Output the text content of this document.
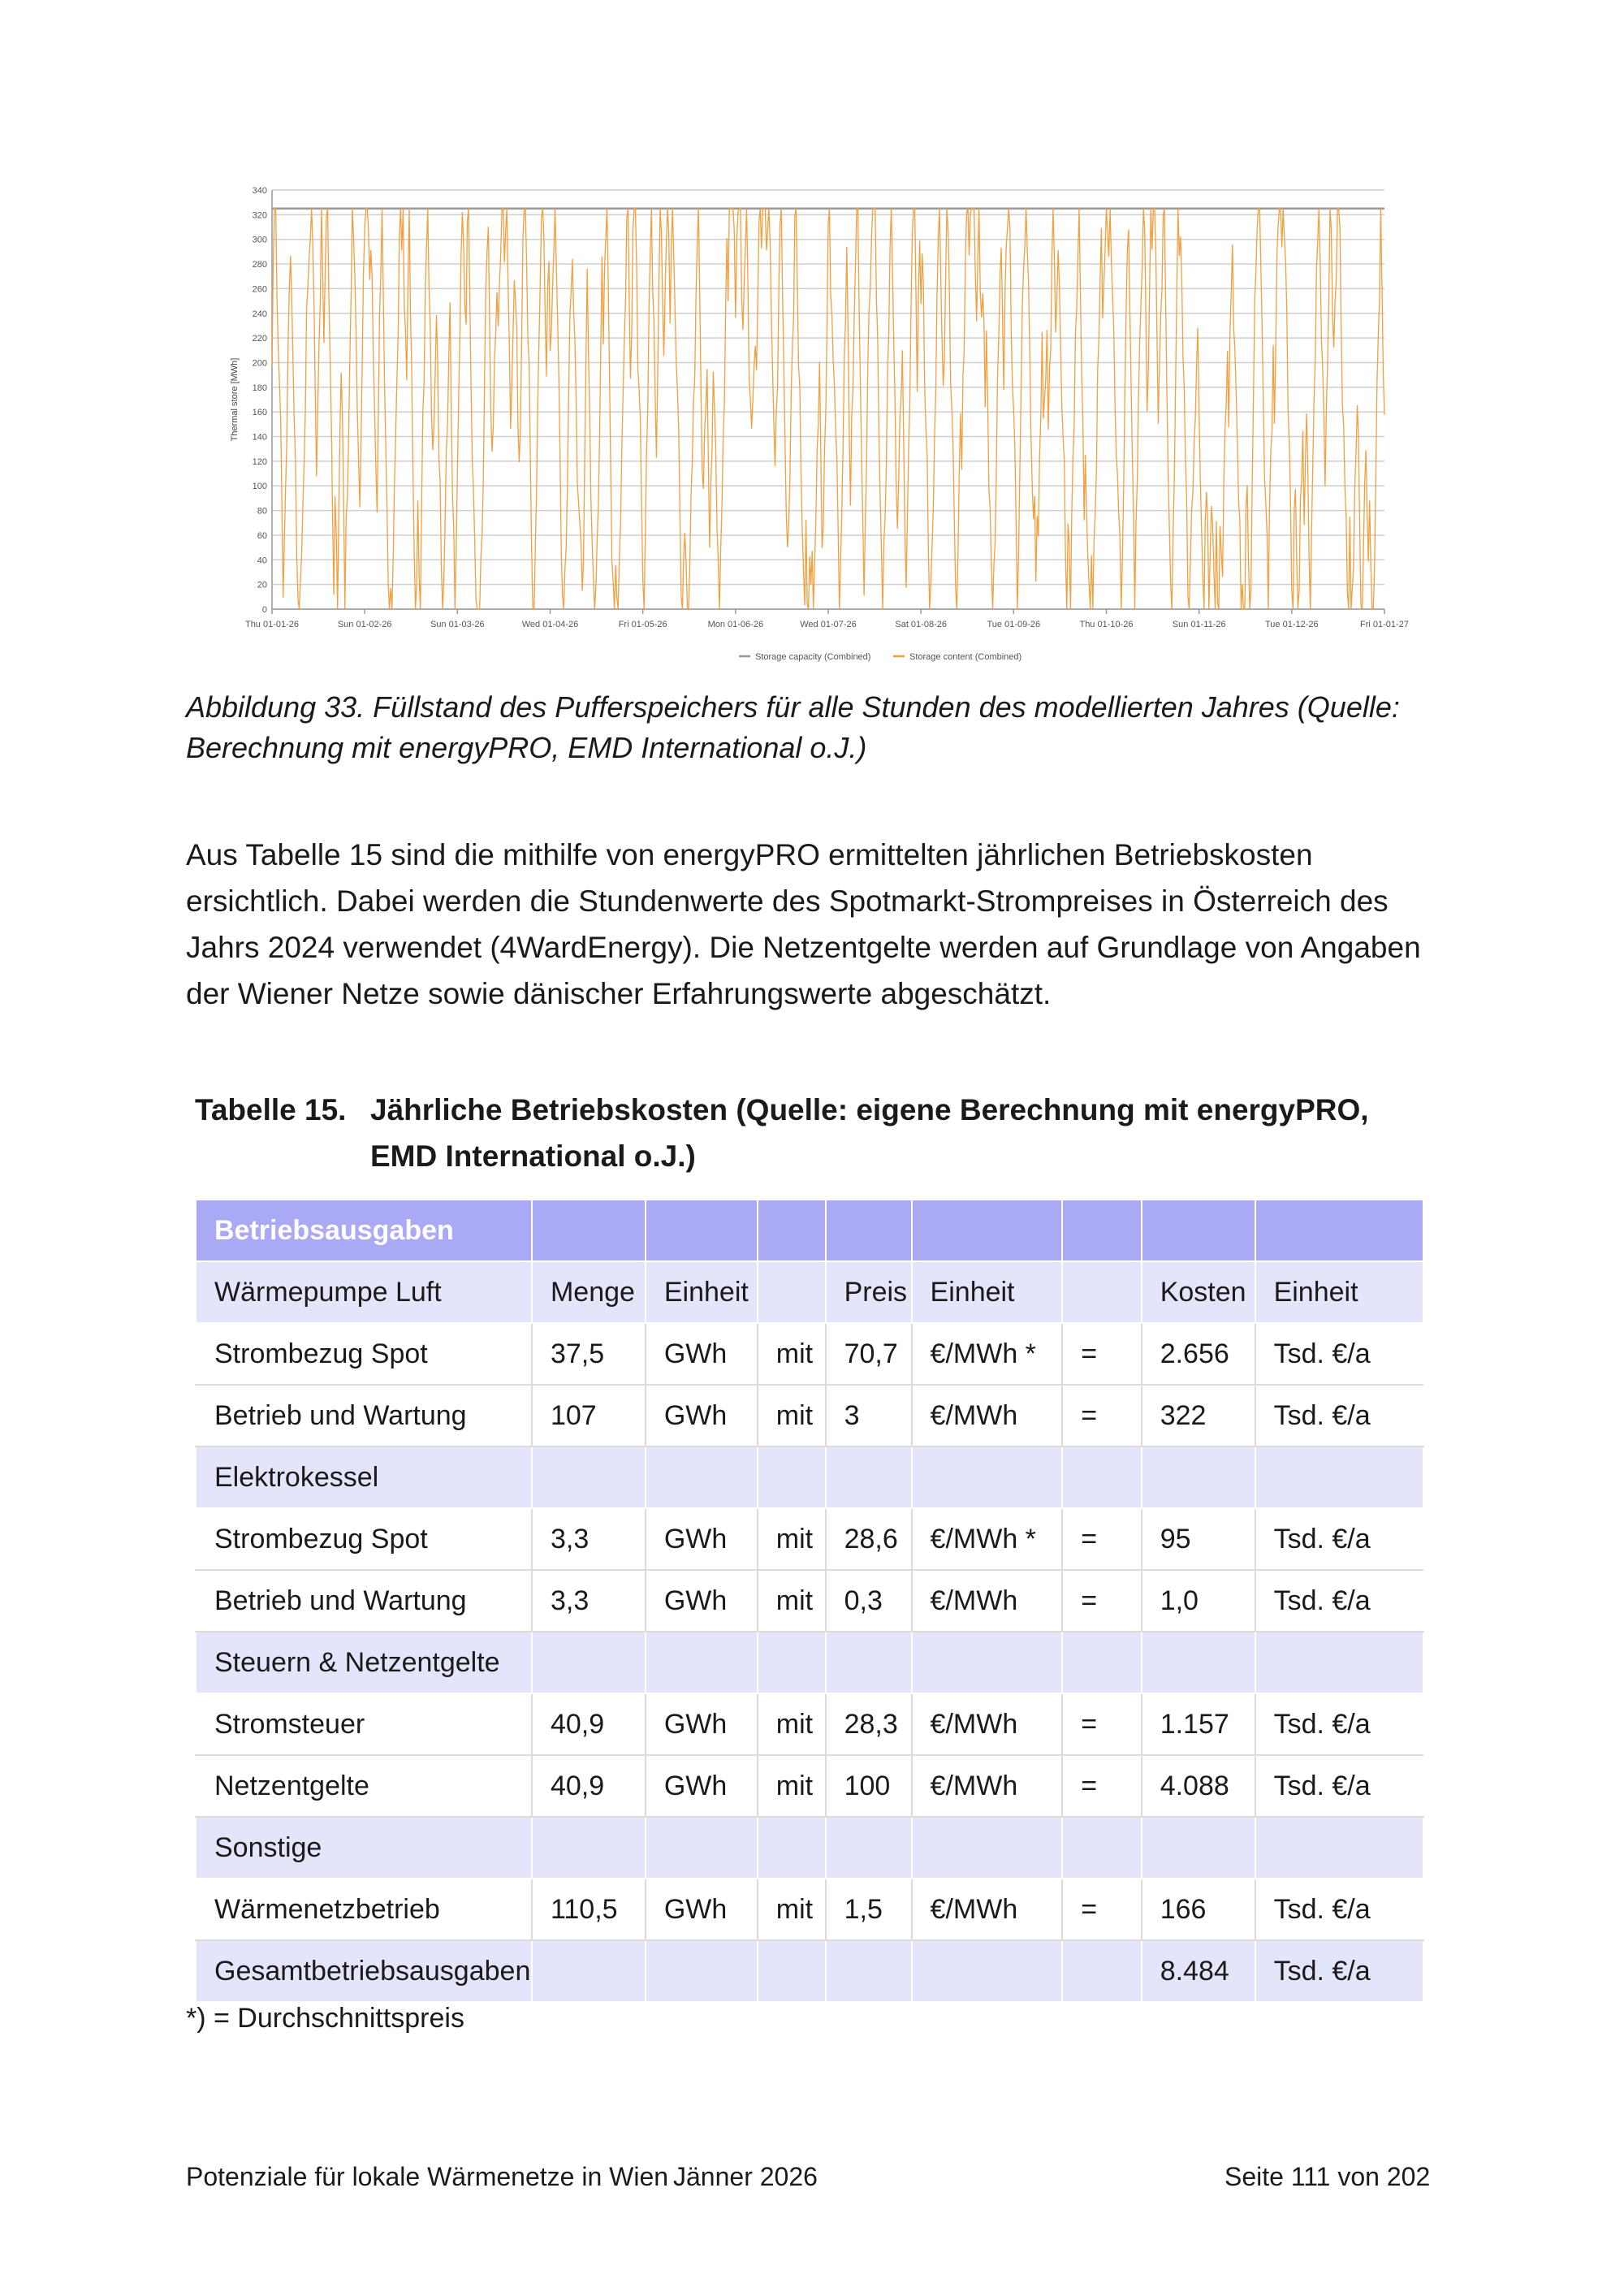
0
20
40
60
80
100
120
140
160
180
200
220
240
260
280
300
320
340
Thermal store [MWh]
Thu 01-01-26	Sun 01-02-26	Sun 01-03-26	Wed 01-04-26	Fri 01-05-26	Mon 01-06-26	Wed 01-07-26	Sat 01-08-26	Tue 01-09-26	Thu 01-10-26	Sun 01-11-26	Tue 01-12-26	Fri 01-01-27
Storage capacity (Combined)	Storage content (Combined)
Abbildung 33. Füllstand des Pufferspeichers für alle Stunden des modellierten Jahres (Quelle: Berechnung mit energyPRO, EMD International o.J.)
Aus Tabelle 15 sind die mithilfe von energyPRO ermittelten jährlichen Betriebskosten ersichtlich. Dabei werden die Stundenwerte des Spotmarkt-Strompreises in Österreich des Jahrs 2024 verwendet (4WardEnergy). Die Netzentgelte werden auf Grundlage von Angaben der Wiener Netze sowie dänischer Erfahrungswerte abgeschätzt.
Tabelle 15. Jährliche Betriebskosten (Quelle: eigene Berechnung mit energyPRO, EMD International o.J.)
Betriebsausgaben								
Wärmepumpe Luft	Menge	Einheit		Preis	Einheit		Kosten	Einheit
Strombezug Spot	37,5	GWh	mit	70,7	€/MWh *	=	2.656	Tsd. €/a
Betrieb und Wartung	107	GWh	mit	3	€/MWh	=	322	Tsd. €/a
Elektrokessel								
Strombezug Spot	3,3	GWh	mit	28,6	€/MWh *	=	95	Tsd. €/a
Betrieb und Wartung	3,3	GWh	mit	0,3	€/MWh	=	1,0	Tsd. €/a
Steuern & Netzentgelte								
Stromsteuer	40,9	GWh	mit	28,3	€/MWh	=	1.157	Tsd. €/a
Netzentgelte	40,9	GWh	mit	100	€/MWh	=	4.088	Tsd. €/a
Sonstige								
Wärmenetzbetrieb	110,5	GWh	mit	1,5	€/MWh	=	166	Tsd. €/a
Gesamtbetriebsausgaben							8.484	Tsd. €/a
*) = Durchschnittspreis
Potenziale für lokale Wärmenetze in Wien Jänner 2026	Seite 111 von 202
